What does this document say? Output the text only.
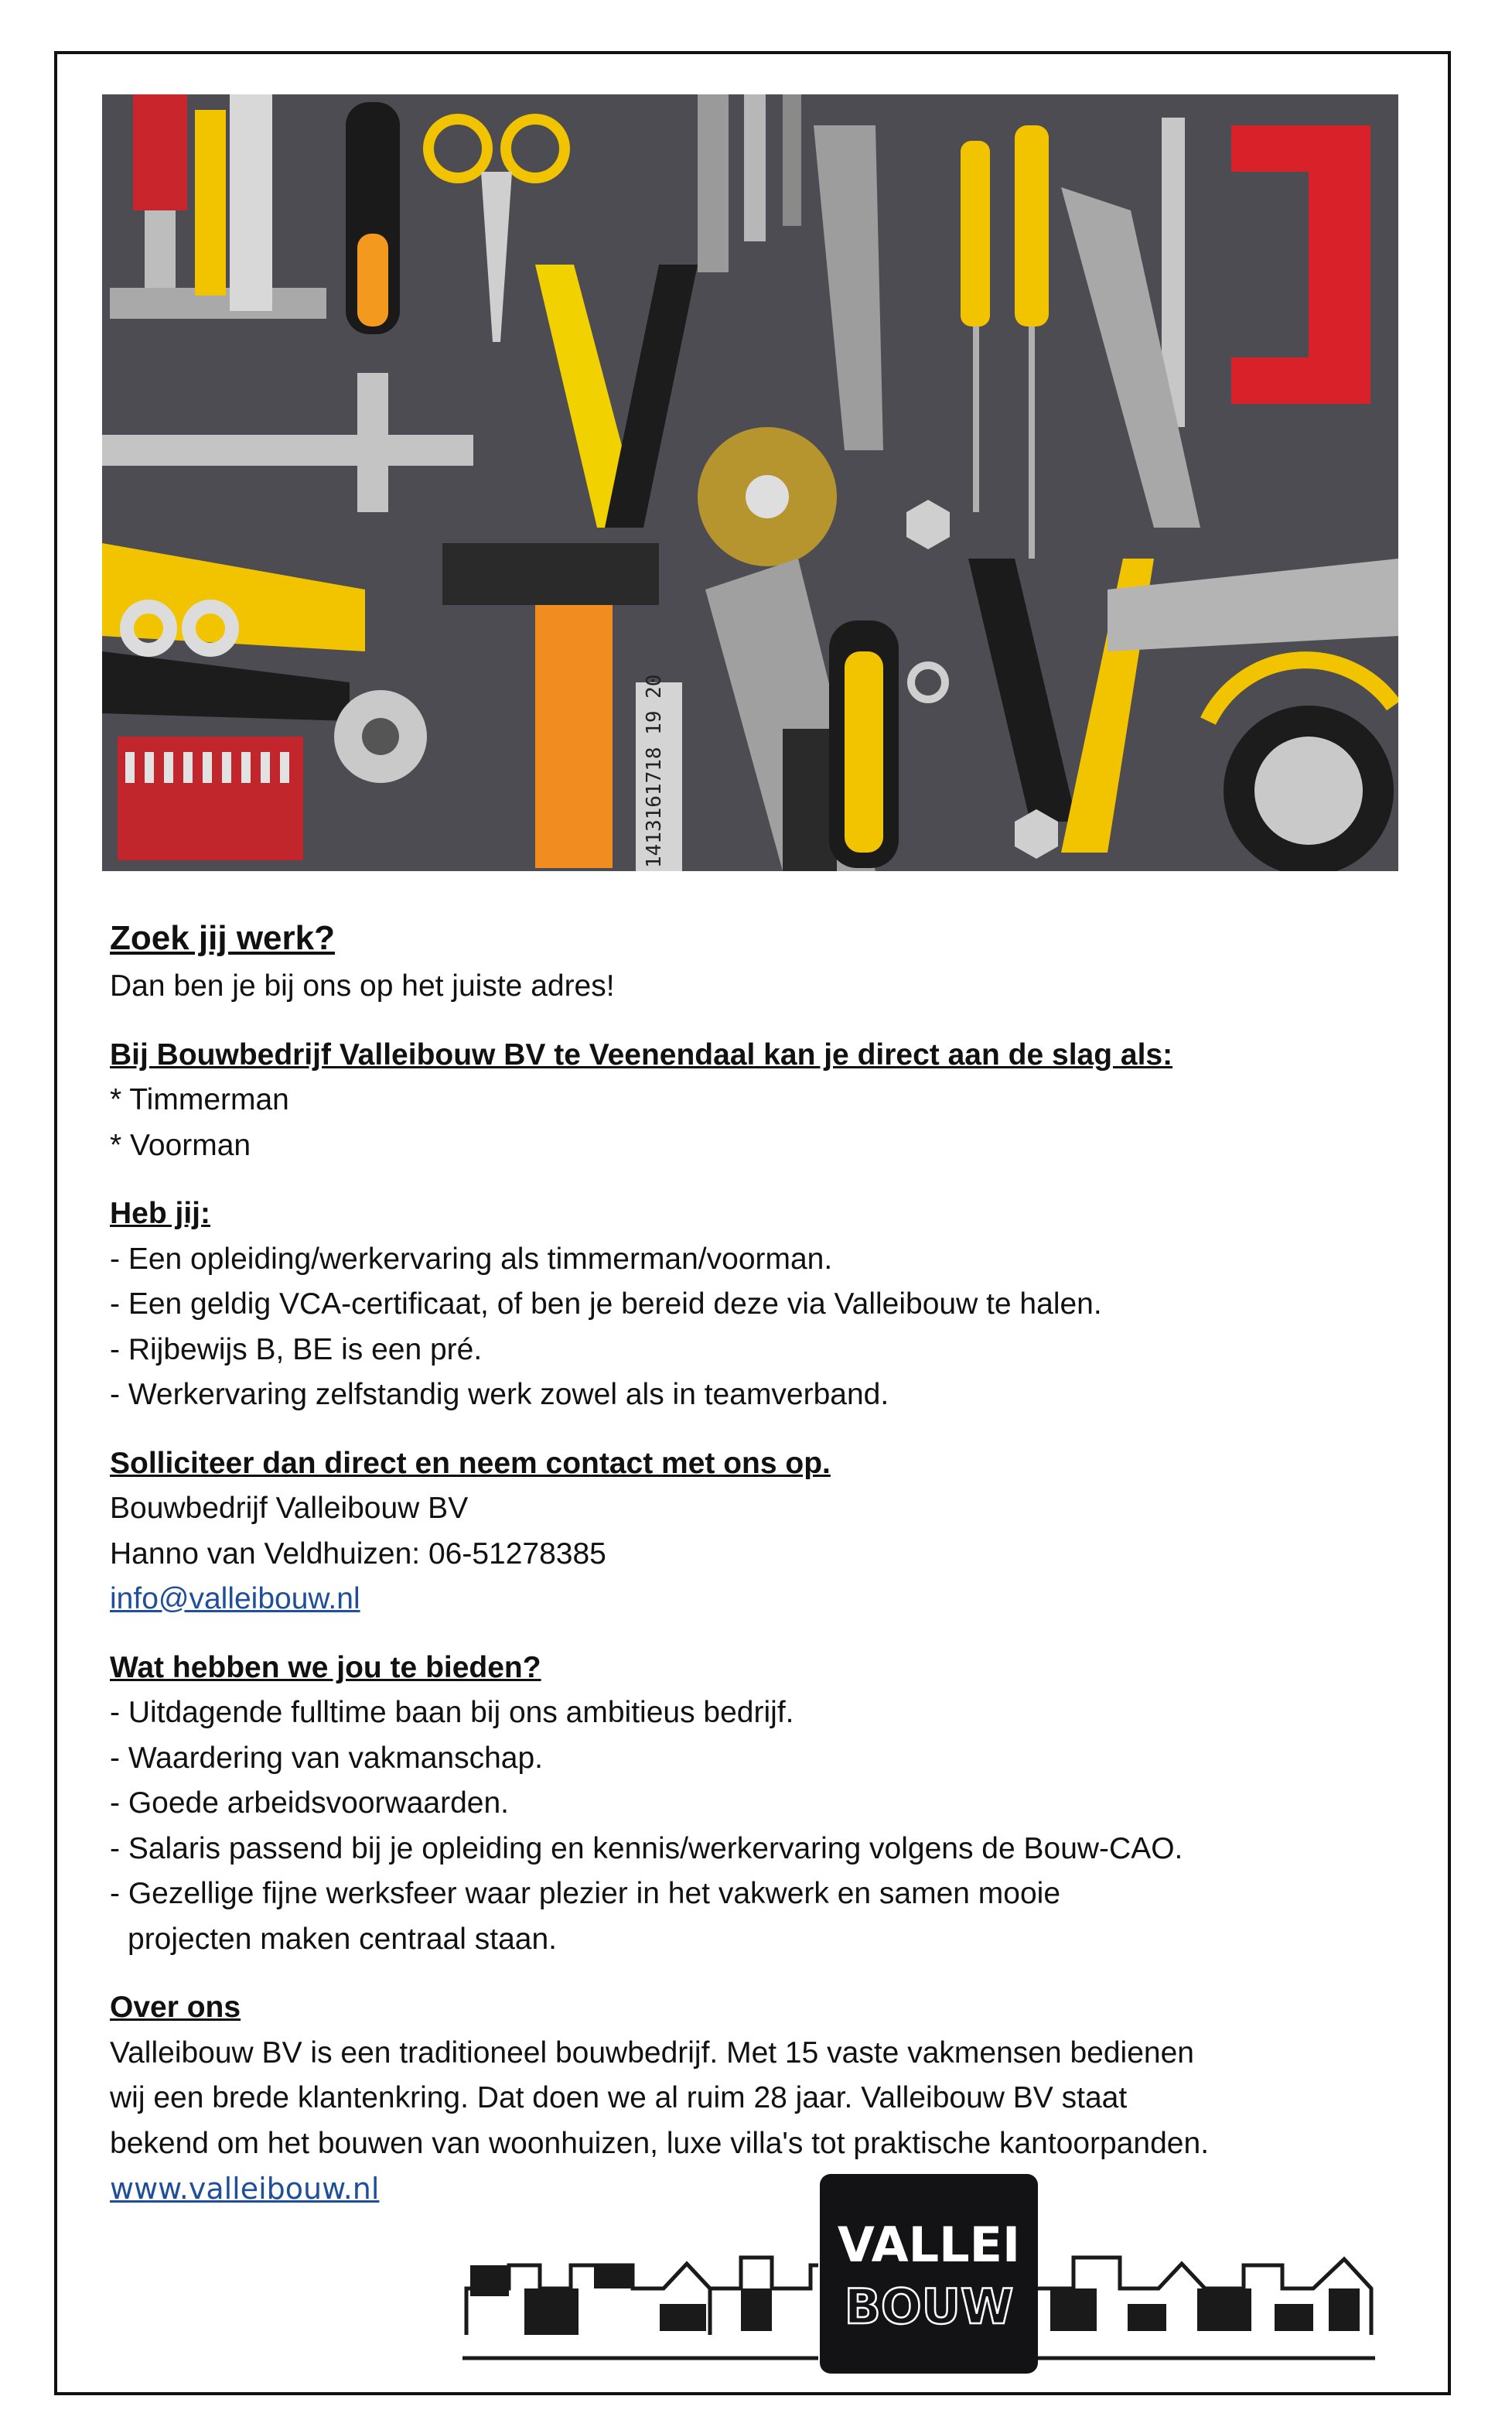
1413161718 19 20

Zoek jij werk?

Dan ben je bij ons op het juiste adres!

Bij Bouwbedrijf Valleibouw BV te Veenendaal kan je direct aan de slag als:

* Timmerman

* Voorman

Heb jij:

- Een opleiding/werkervaring als timmerman/voorman.

- Een geldig VCA-certificaat, of ben je bereid deze via Valleibouw te halen.

- Rijbewijs B, BE is een pré.

- Werkervaring zelfstandig werk zowel als in teamverband.

Solliciteer dan direct en neem contact met ons op.

Bouwbedrijf Valleibouw BV

Hanno van Veldhuizen: 06-51278385

info@valleibouw.nl

Wat hebben we jou te bieden?

- Uitdagende fulltime baan bij ons ambitieus bedrijf.

- Waardering van vakmanschap.

- Goede arbeidsvoorwaarden.

- Salaris passend bij je opleiding en kennis/werkervaring volgens de Bouw-CAO.

- Gezellige fijne werksfeer waar plezier in het vakwerk en samen mooie

projecten maken centraal staan.

Over ons

Valleibouw BV is een traditioneel bouwbedrijf. Met 15 vaste vakmensen bedienen

wij een brede klantenkring. Dat doen we al ruim 28 jaar. Valleibouw BV staat

bekend om het bouwen van woonhuizen, luxe villa's tot praktische kantoorpanden.

www.valleibouw.nl

VALLEI
BOUW
